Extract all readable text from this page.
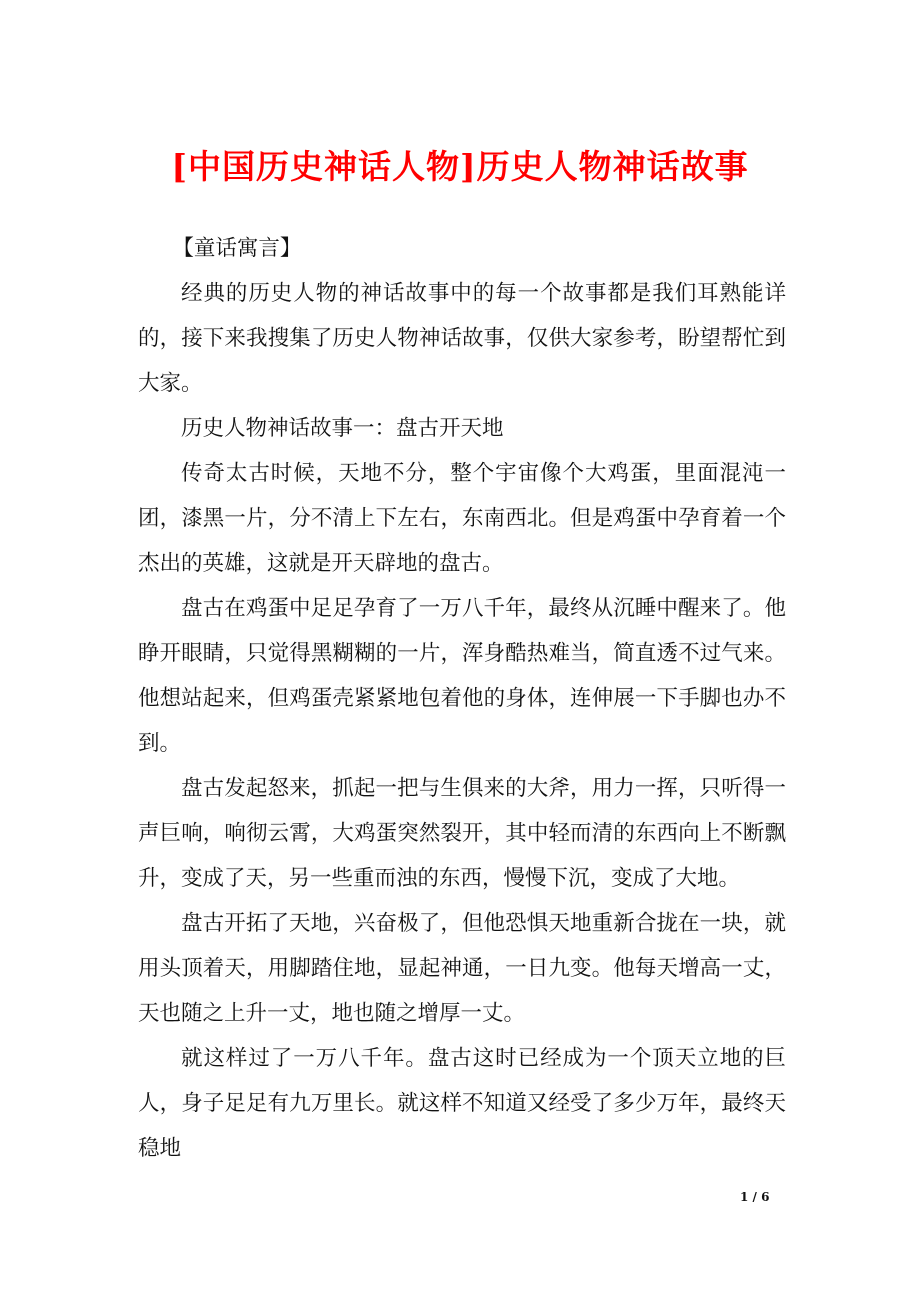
[中国历史神话人物]历史人物神话故事

【童话寓言】

经典的历史人物的神话故事中的每一个故事都是我们耳熟能详的，接下来我搜集了历史人物神话故事，仅供大家参考，盼望帮忙到大家。

历史人物神话故事一：盘古开天地

传奇太古时候，天地不分，整个宇宙像个大鸡蛋，里面混沌一团，漆黑一片，分不清上下左右，东南西北。但是鸡蛋中孕育着一个杰出的英雄，这就是开天辟地的盘古。

盘古在鸡蛋中足足孕育了一万八千年，最终从沉睡中醒来了。他睁开眼睛，只觉得黑糊糊的一片，浑身酷热难当，简直透不过气来。他想站起来，但鸡蛋壳紧紧地包着他的身体，连伸展一下手脚也办不到。

盘古发起怒来，抓起一把与生俱来的大斧，用力一挥，只听得一声巨响，响彻云霄，大鸡蛋突然裂开，其中轻而清的东西向上不断飘升，变成了天，另一些重而浊的东西，慢慢下沉，变成了大地。

盘古开拓了天地，兴奋极了，但他恐惧天地重新合拢在一块，就用头顶着天，用脚踏住地，显起神通，一日九变。他每天增高一丈，天也随之上升一丈，地也随之增厚一丈。

就这样过了一万八千年。盘古这时已经成为一个顶天立地的巨人，身子足足有九万里长。就这样不知道又经受了多少万年，最终天稳地

1 / 6
